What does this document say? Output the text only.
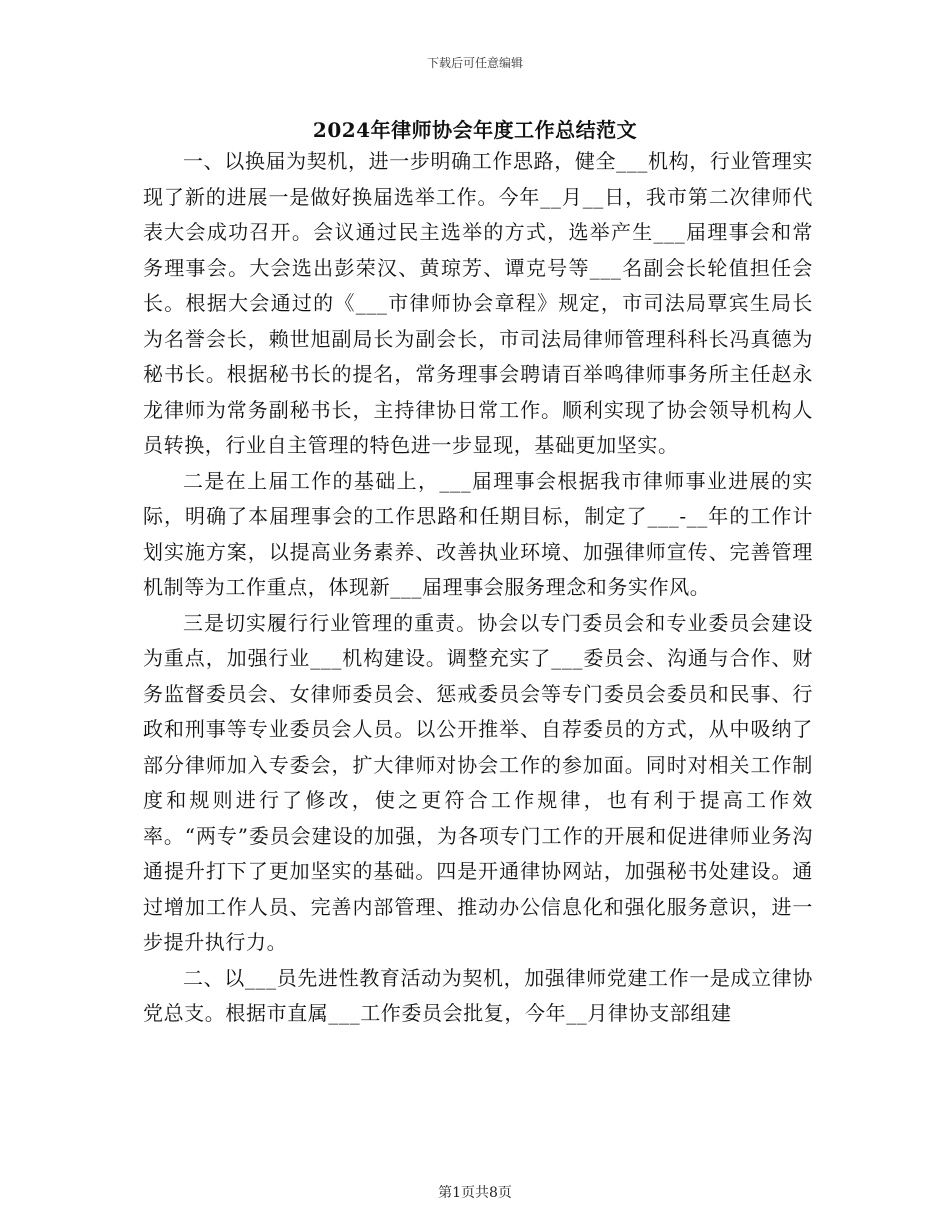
下载后可任意编辑
2024年律师协会年度工作总结范文

一、以换届为契机，进一步明确工作思路，健全___机构，行业管理实现了新的进展一是做好换届选举工作。今年__月__日，我市第二次律师代表大会成功召开。会议通过民主选举的方式，选举产生___届理事会和常务理事会。大会选出彭荣汉、黄琼芳、谭克号等___名副会长轮值担任会长。根据大会通过的《___市律师协会章程》规定，市司法局覃宾生局长为名誉会长，赖世旭副局长为副会长，市司法局律师管理科科长冯真德为秘书长。根据秘书长的提名，常务理事会聘请百举鸣律师事务所主任赵永龙律师为常务副秘书长，主持律协日常工作。顺利实现了协会领导机构人员转换，行业自主管理的特色进一步显现，基础更加坚实。

二是在上届工作的基础上，___届理事会根据我市律师事业进展的实际，明确了本届理事会的工作思路和任期目标，制定了___-__年的工作计划实施方案，以提高业务素养、改善执业环境、加强律师宣传、完善管理机制等为工作重点，体现新___届理事会服务理念和务实作风。

三是切实履行行业管理的重责。协会以专门委员会和专业委员会建设为重点，加强行业___机构建设。调整充实了___委员会、沟通与合作、财务监督委员会、女律师委员会、惩戒委员会等专门委员会委员和民事、行政和刑事等专业委员会人员。以公开推举、自荐委员的方式，从中吸纳了部分律师加入专委会，扩大律师对协会工作的参加面。同时对相关工作制度和规则进行了修改，使之更符合工作规律，也有利于提高工作效率。“两专”委员会建设的加强，为各项专门工作的开展和促进律师业务沟通提升打下了更加坚实的基础。四是开通律协网站，加强秘书处建设。通过增加工作人员、完善内部管理、推动办公信息化和强化服务意识，进一步提升执行力。

二、以___员先进性教育活动为契机，加强律师党建工作一是成立律协党总支。根据市直属___工作委员会批复，今年__月律协支部组建

第1页共8页
